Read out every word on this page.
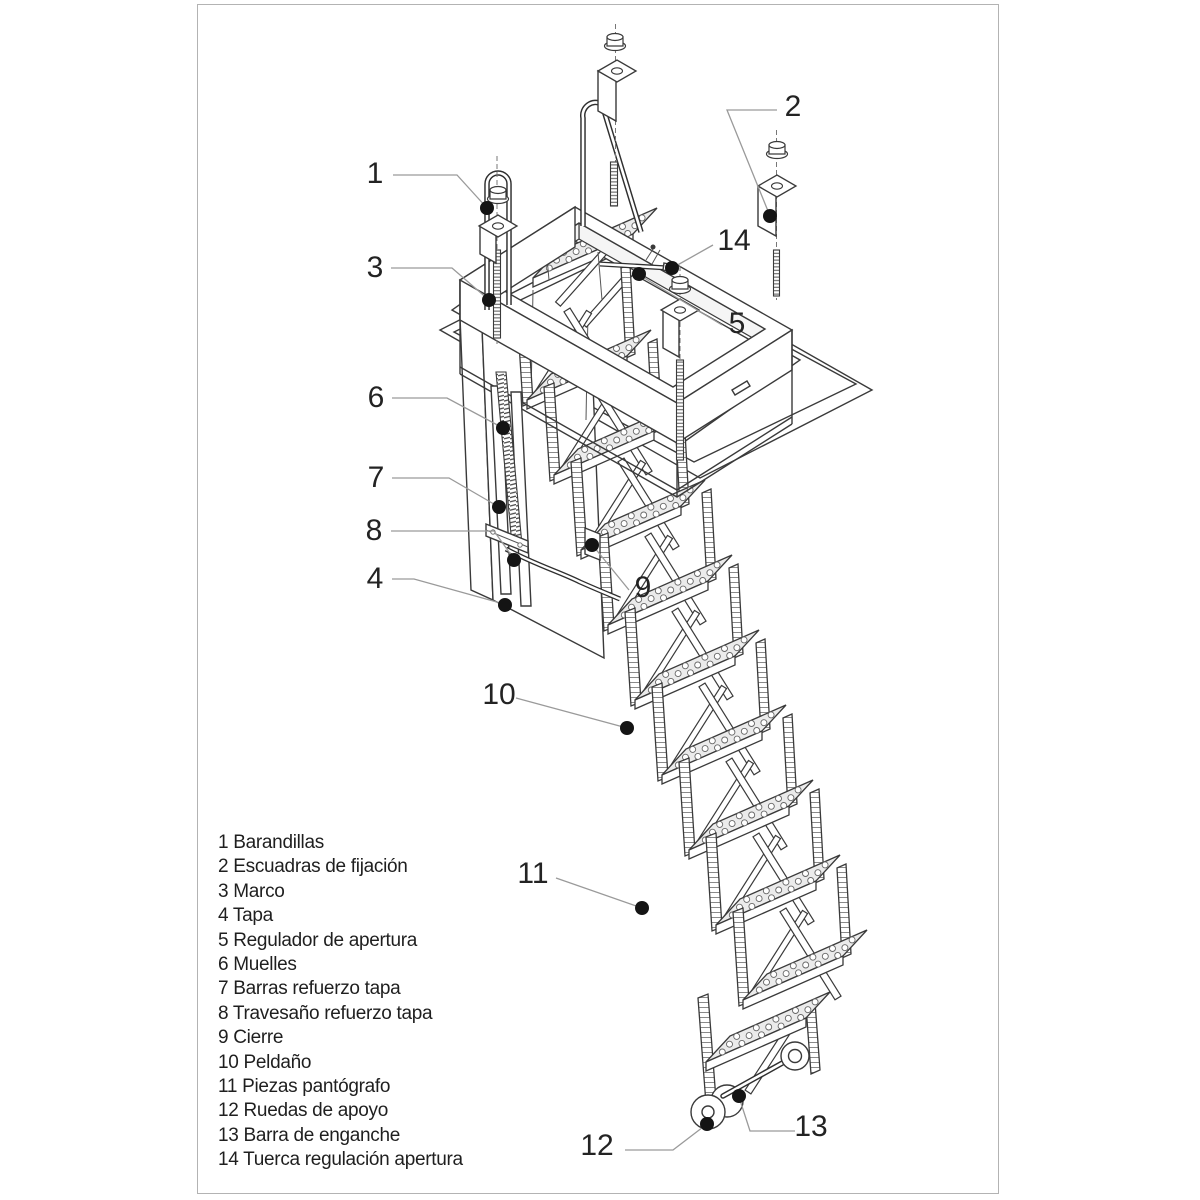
1
2
3
4
5
6
7
8
9
10
11
12
13
14
1 Barandillas
2 Escuadras de fijación
3 Marco
4 Tapa
5 Regulador de apertura
6 Muelles
7 Barras refuerzo tapa
8 Travesaño refuerzo tapa
9 Cierre
10 Peldaño
11 Piezas pantógrafo
12 Ruedas de apoyo
13 Barra de enganche
14 Tuerca regulación apertura
